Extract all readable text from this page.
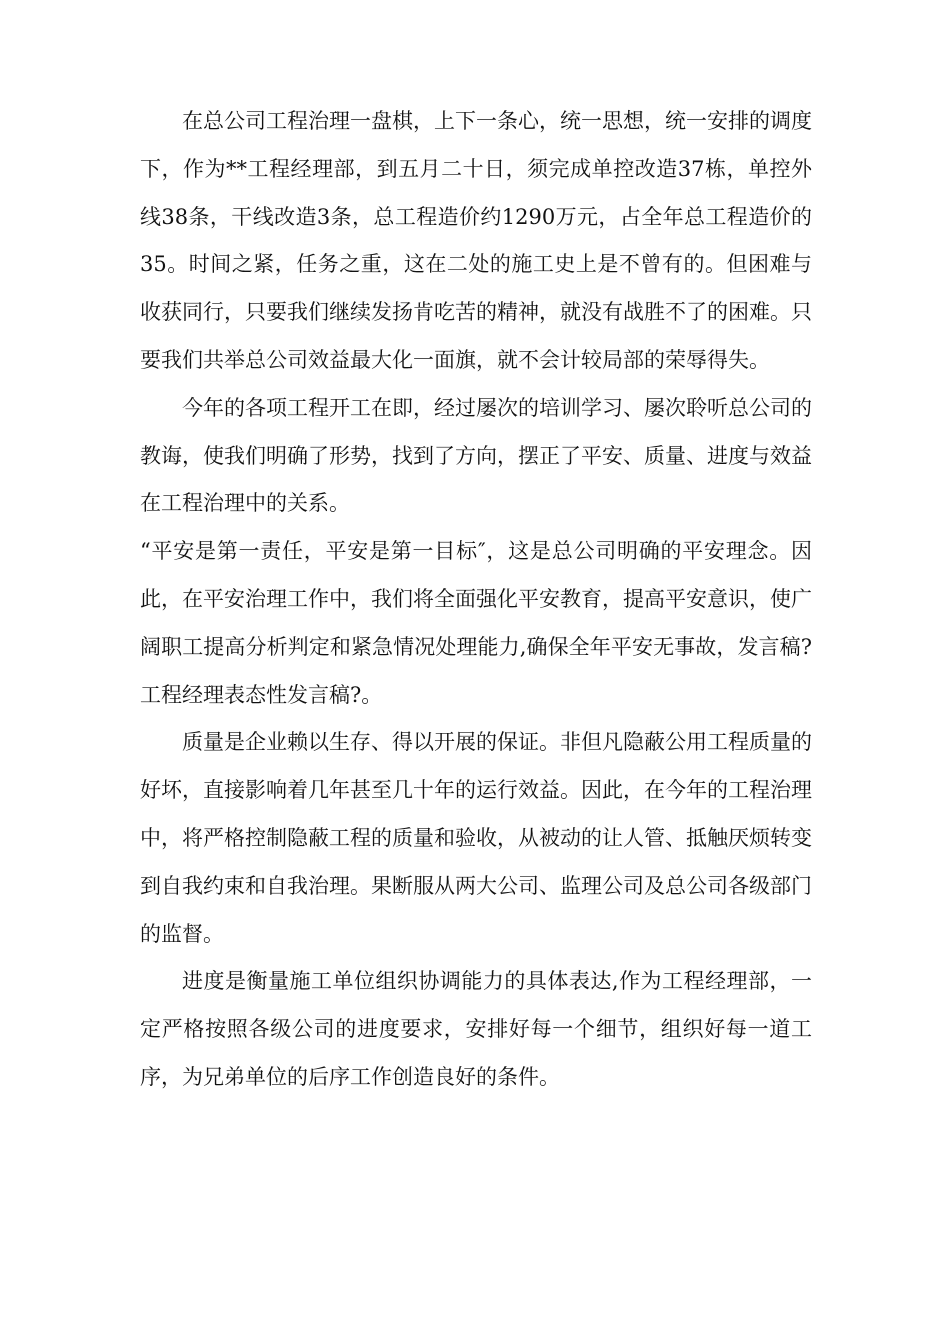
在总公司工程治理一盘棋，上下一条心，统一思想，统一安排的调度下，作为**工程经理部，到五月二十日，须完成单控改造37栋，单控外线38条，干线改造3条，总工程造价约1290万元，占全年总工程造价的35。时间之紧，任务之重，这在二处的施工史上是不曾有的。但困难与收获同行，只要我们继续发扬肯吃苦的精神，就没有战胜不了的困难。只要我们共举总公司效益最大化一面旗，就不会计较局部的荣辱得失。

今年的各项工程开工在即，经过屡次的培训学习、屡次聆听总公司的教诲，使我们明确了形势，找到了方向，摆正了平安、质量、进度与效益在工程治理中的关系。

“平安是第一责任，平安是第一目标″，这是总公司明确的平安理念。因此，在平安治理工作中，我们将全面强化平安教育，提高平安意识，使广阔职工提高分析判定和紧急情况处理能力,确保全年平安无事故，发言稿?工程经理表态性发言稿?。

质量是企业赖以生存、得以开展的保证。非但凡隐蔽公用工程质量的好坏，直接影响着几年甚至几十年的运行效益。因此，在今年的工程治理中，将严格控制隐蔽工程的质量和验收，从被动的让人管、抵触厌烦转变到自我约束和自我治理。果断服从两大公司、监理公司及总公司各级部门的监督。

进度是衡量施工单位组织协调能力的具体表达,作为工程经理部，一定严格按照各级公司的进度要求，安排好每一个细节，组织好每一道工序，为兄弟单位的后序工作创造良好的条件。
